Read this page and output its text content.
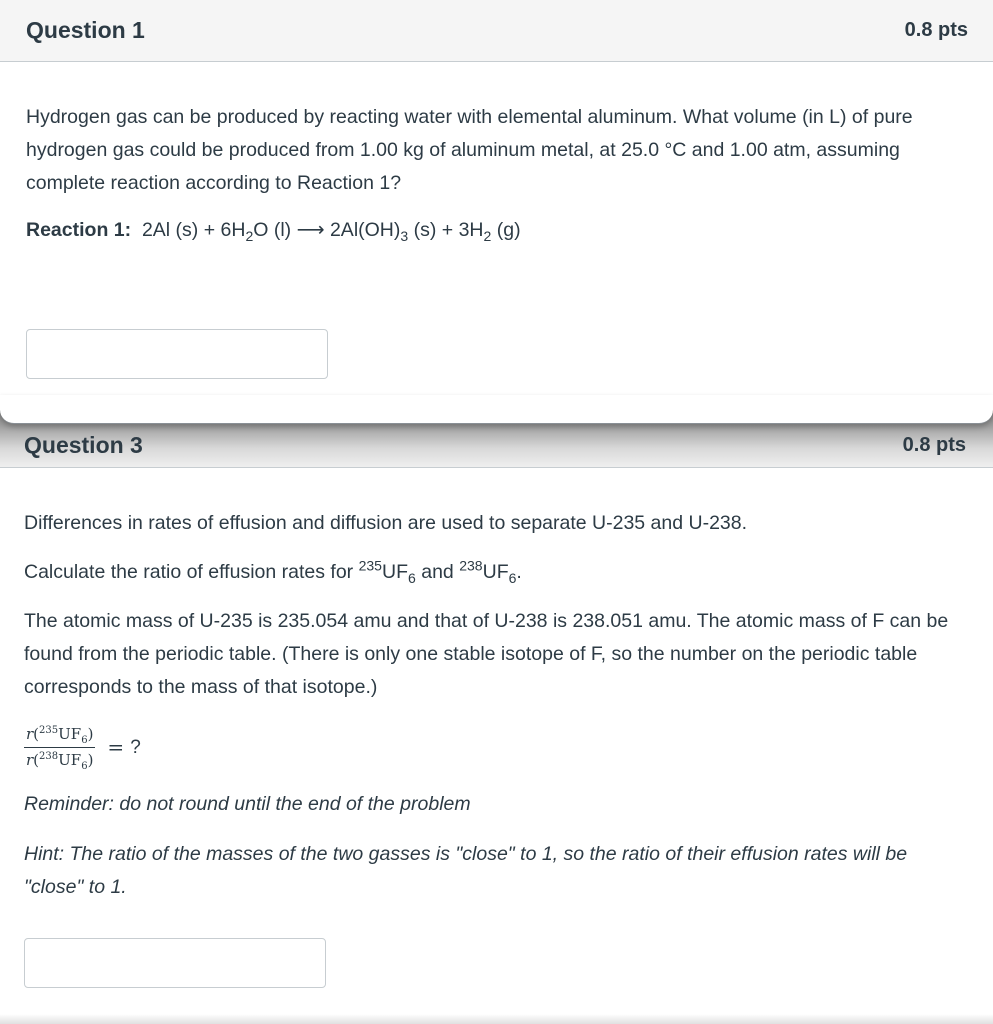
Question 1	0.8 pts

Hydrogen gas can be produced by reacting water with elemental aluminum. What volume (in L) of pure hydrogen gas could be produced from 1.00 kg of aluminum metal, at 25.0 °C and 1.00 atm, assuming complete reaction according to Reaction 1?

Reaction 1: 2Al $(s) + 6H_2O$ (l) ⟶ $2Al(OH)_3$ $(s) + 3H_2$ (g)

Question 3	0.8 pts

Differences in rates of effusion and diffusion are used to separate U-235 and U-238.

Calculate the ratio of effusion rates for $^{235}UF_6$ and $^{238}UF_6$.

The atomic mass of U-235 is 235.054 amu and that of U-238 is 238.051 amu. The atomic mass of F can be found from the periodic table. (There is only one stable isotope of F, so the number on the periodic table corresponds to the mass of that isotope.)

$r(^{235}UF_6)$
$r(^{238}UF_6)$
= ?

Reminder: do not round until the end of the problem

Hint: The ratio of the masses of the two gasses is "close" to 1, so the ratio of their effusion rates will be "close" to 1.
